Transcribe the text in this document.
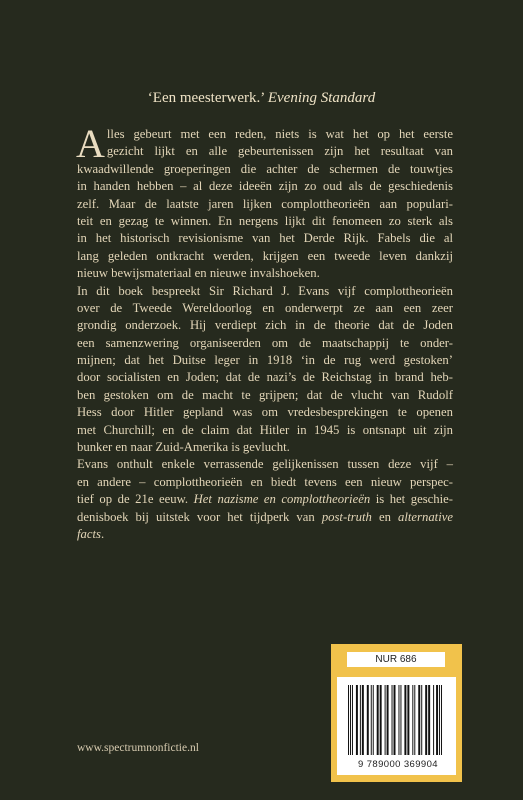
‘Een meesterwerk.’ Evening Standard
A lles gebeurt met een reden, niets is wat het op het eerste
gezicht lijkt en alle gebeurtenissen zijn het resultaat van
kwaadwillende groeperingen die achter de schermen de touwtjes
in handen hebben – al deze ideeën zijn zo oud als de geschiedenis
zelf. Maar de laatste jaren lijken complottheorieën aan populari-
teit en gezag te winnen. En nergens lijkt dit fenomeen zo sterk als
in het historisch revisionisme van het Derde Rijk. Fabels die al
lang geleden ontkracht werden, krijgen een tweede leven dankzij
nieuw bewijsmateriaal en nieuwe invalshoeken.
In dit boek bespreekt Sir Richard J. Evans vijf complottheorieën
over de Tweede Wereldoorlog en onderwerpt ze aan een zeer
grondig onderzoek. Hij verdiept zich in de theorie dat de Joden
een samenzwering organiseerden om de maatschappij te onder-
mijnen; dat het Duitse leger in 1918 ‘in de rug werd gestoken’
door socialisten en Joden; dat de nazi’s de Reichstag in brand heb-
ben gestoken om de macht te grijpen; dat de vlucht van Rudolf
Hess door Hitler gepland was om vredesbesprekingen te openen
met Churchill; en de claim dat Hitler in 1945 is ontsnapt uit zijn
bunker en naar Zuid-Amerika is gevlucht.
Evans onthult enkele verrassende gelijkenissen tussen deze vijf –
en andere – complottheorieën en biedt tevens een nieuw perspec-
tief op de 21e eeuw. Het nazisme en complottheorieën is het geschie-
denisboek bij uitstek voor het tijdperk van post-truth en alternative
facts.
www.spectrumnonfictie.nl
NUR 686
9 789000 369904
